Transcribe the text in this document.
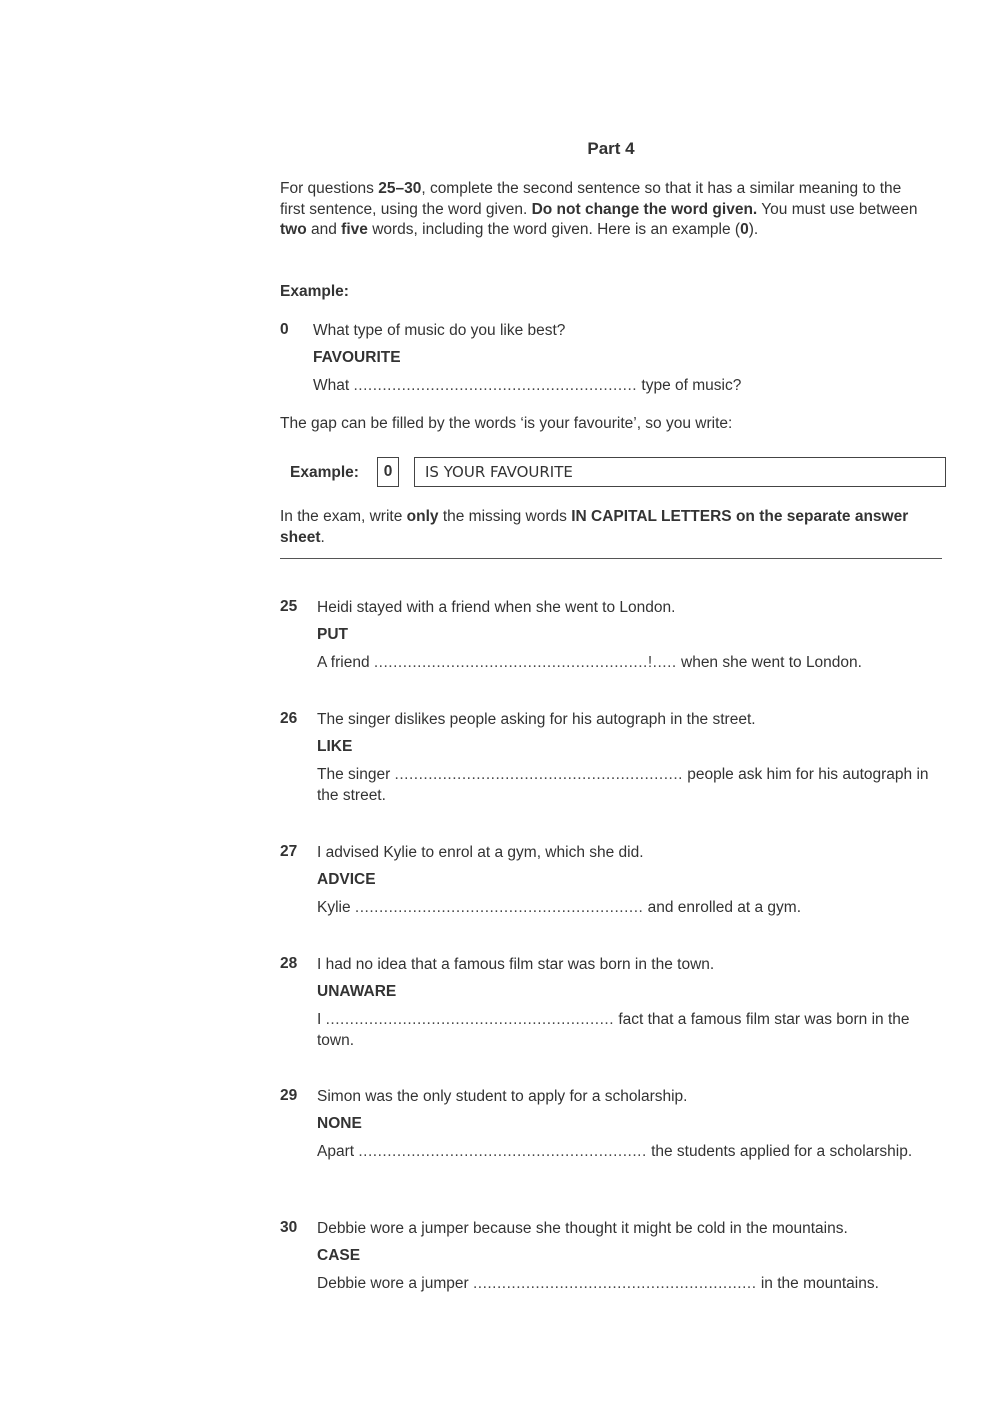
Part 4
For questions 25–30, complete the second sentence so that it has a similar meaning to the first sentence, using the word given. Do not change the word given. You must use between two and five words, including the word given. Here is an example (0).
Example:
0	What type of music do you like best?
FAVOURITE
What ........................................................... type of music?
The gap can be filled by the words ‘is your favourite’, so you write:
Example:	0	IS YOUR FAVOURITE
In the exam, write only the missing words IN CAPITAL LETTERS on the separate answer sheet.
25	Heidi stayed with a friend when she went to London.
PUT
A friend .........................................................!..... when she went to London.
26	The singer dislikes people asking for his autograph in the street.
LIKE
The singer ............................................................ people ask him for his autograph in the street.
27	I advised Kylie to enrol at a gym, which she did.
ADVICE
Kylie ............................................................ and enrolled at a gym.
28	I had no idea that a famous film star was born in the town.
UNAWARE
I ............................................................ fact that a famous film star was born in the town.
29	Simon was the only student to apply for a scholarship.
NONE
Apart ............................................................ the students applied for a scholarship.
30	Debbie wore a jumper because she thought it might be cold in the mountains.
CASE
Debbie wore a jumper ........................................................... in the mountains.
